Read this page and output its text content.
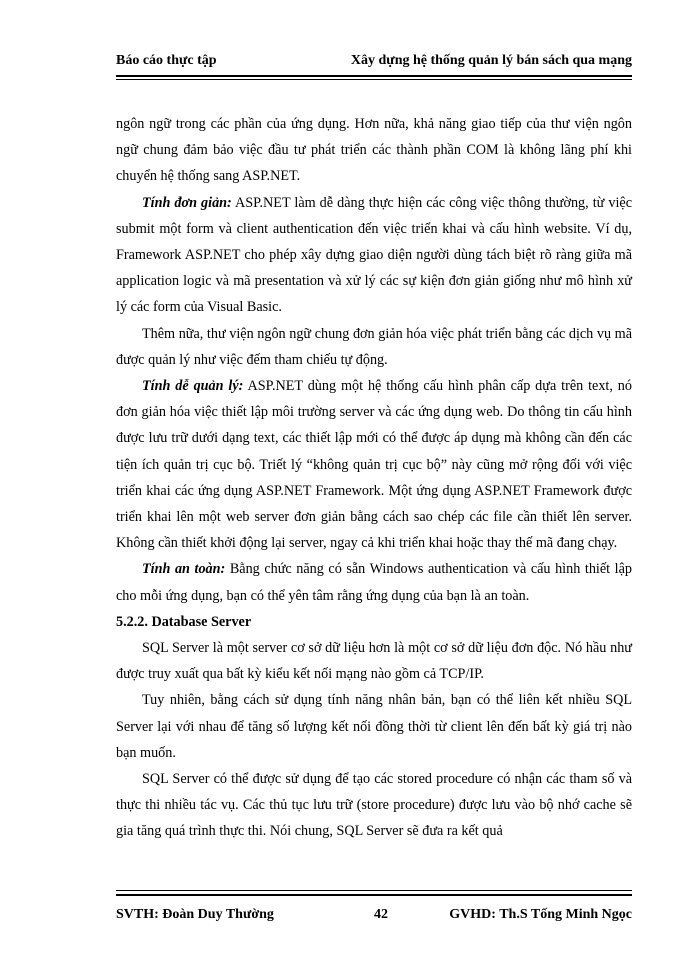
Báo cáo thực tập	Xây dựng hệ thống quản lý bán sách qua mạng

ngôn ngữ trong các phần của ứng dụng. Hơn nữa, khả năng giao tiếp của thư viện ngôn ngữ chung đảm bảo việc đầu tư phát triển các thành phần COM là không lãng phí khi chuyển hệ thống sang ASP.NET.

Tính đơn giản: ASP.NET làm dễ dàng thực hiện các công việc thông thường, từ việc submit một form và client authentication đến việc triển khai và cấu hình website. Ví dụ, Framework ASP.NET cho phép xây dựng giao diện người dùng tách biệt rõ ràng giữa mã application logic và mã presentation và xử lý các sự kiện đơn giản giống như mô hình xử lý các form của Visual Basic.

Thêm nữa, thư viện ngôn ngữ chung đơn giản hóa việc phát triển bằng các dịch vụ mã được quản lý như việc đếm tham chiếu tự động.

Tính dễ quản lý: ASP.NET dùng một hệ thống cấu hình phân cấp dựa trên text, nó đơn giản hóa việc thiết lập môi trường server và các ứng dụng web. Do thông tin cấu hình được lưu trữ dưới dạng text, các thiết lập mới có thể được áp dụng mà không cần đến các tiện ích quản trị cục bộ. Triết lý “không quản trị cục bộ” này cũng mở rộng đối với việc triển khai các ứng dụng ASP.NET Framework. Một ứng dụng ASP.NET Framework được triển khai lên một web server đơn giản bằng cách sao chép các file cần thiết lên server. Không cần thiết khởi động lại server, ngay cả khi triển khai hoặc thay thế mã đang chạy.

Tính an toàn: Bằng chức năng có sẵn Windows authentication và cấu hình thiết lập cho mỗi ứng dụng, bạn có thể yên tâm rằng ứng dụng của bạn là an toàn.

5.2.2. Database Server

SQL Server là một server cơ sở dữ liệu hơn là một cơ sở dữ liệu đơn độc. Nó hầu như được truy xuất qua bất kỳ kiểu kết nối mạng nào gồm cả TCP/IP.

Tuy nhiên, bằng cách sử dụng tính năng nhân bản, bạn có thể liên kết nhiều SQL Server lại với nhau để tăng số lượng kết nối đồng thời từ client lên đến bất kỳ giá trị nào bạn muốn.

SQL Server có thể được sử dụng để tạo các stored procedure có nhận các tham số và thực thi nhiều tác vụ. Các thủ tục lưu trữ (store procedure) được lưu vào bộ nhớ cache sẽ gia tăng quá trình thực thi. Nói chung, SQL Server sẽ đưa ra kết quả

SVTH: Đoàn Duy Thường	42	GVHD: Th.S Tống Minh Ngọc
